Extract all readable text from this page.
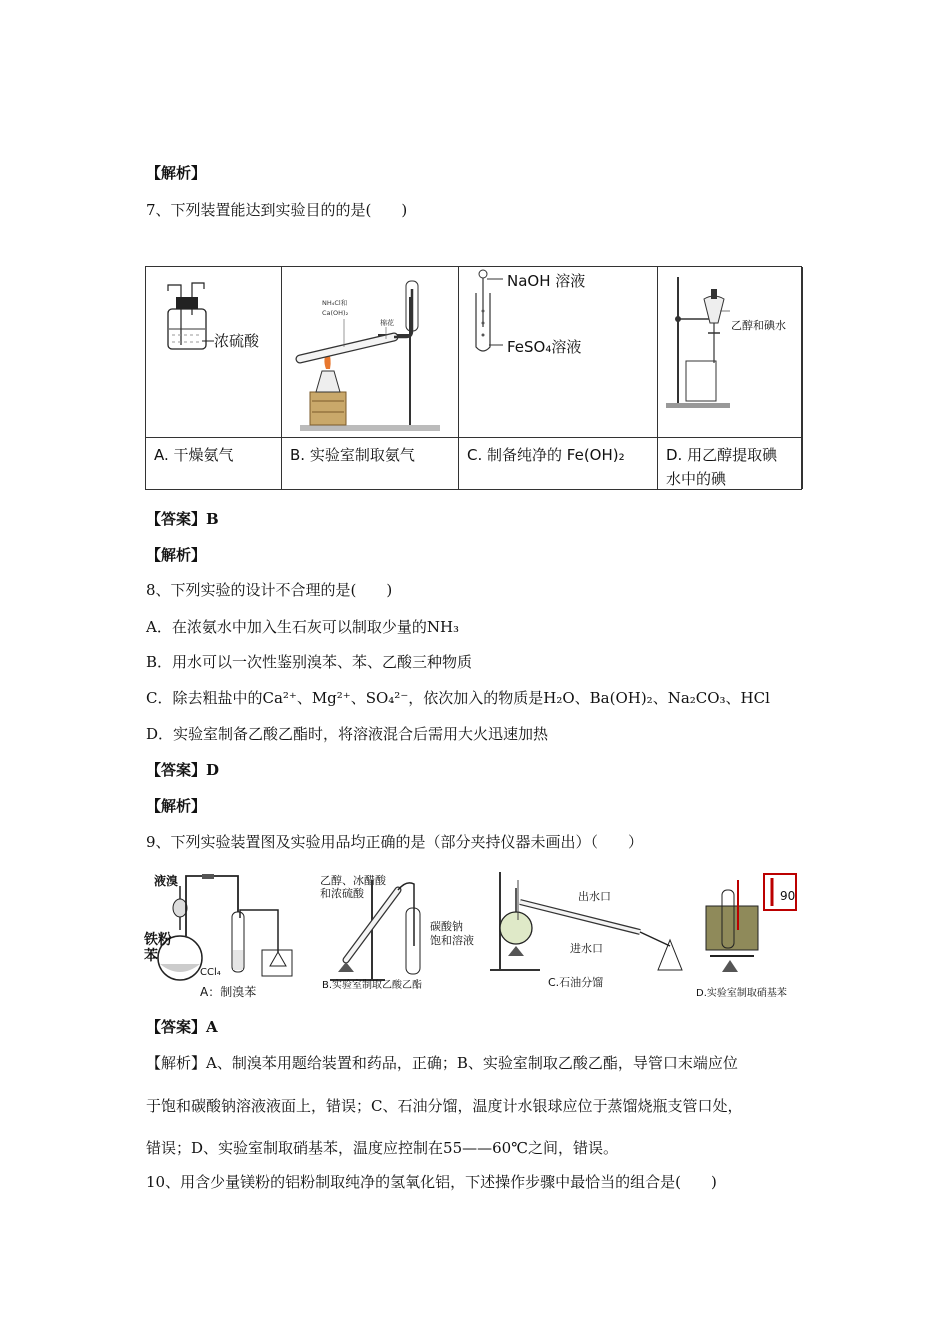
【解析】
7、下列装置能达到实验目的的是(　　)
浓硫酸
A. 干燥氨气
NH₄Cl和
Ca(OH)₂
棉花
B. 实验室制取氨气
NaOH 溶液
FeSO₄溶液
C. 制备纯净的 Fe(OH)₂
乙醇和碘水
D. 用乙醇提取碘
水中的碘
【答案】B
【解析】
8、下列实验的设计不合理的是(　　)
A．在浓氨水中加入生石灰可以制取少量的NH₃
B．用水可以一次性鉴别溴苯、苯、乙酸三种物质
C．除去粗盐中的Ca²⁺、Mg²⁺、SO₄²⁻，依次加入的物质是H₂O、Ba(OH)₂、Na₂CO₃、HCl
D．实验室制备乙酸乙酯时，将溶液混合后需用大火迅速加热
【答案】D
【解析】
9、下列实验装置图及实验用品均正确的是（部分夹持仪器未画出）（　　）
液溴
铁粉
苯
CCl₄
A：制溴苯
乙醇、冰醋酸
和浓硫酸
碳酸钠
饱和溶液
B.实验室制取乙酸乙酯
出水口
进水口
C.石油分馏
90
D.实验室制取硝基苯
【答案】A
【解析】A、制溴苯用题给装置和药品，正确；B、实验室制取乙酸乙酯，导管口末端应位
于饱和碳酸钠溶液液面上，错误；C、石油分馏，温度计水银球应位于蒸馏烧瓶支管口处，
错误；D、实验室制取硝基苯，温度应控制在55——60℃之间，错误。
10、用含少量镁粉的铝粉制取纯净的氢氧化铝，下述操作步骤中最恰当的组合是(　　)
